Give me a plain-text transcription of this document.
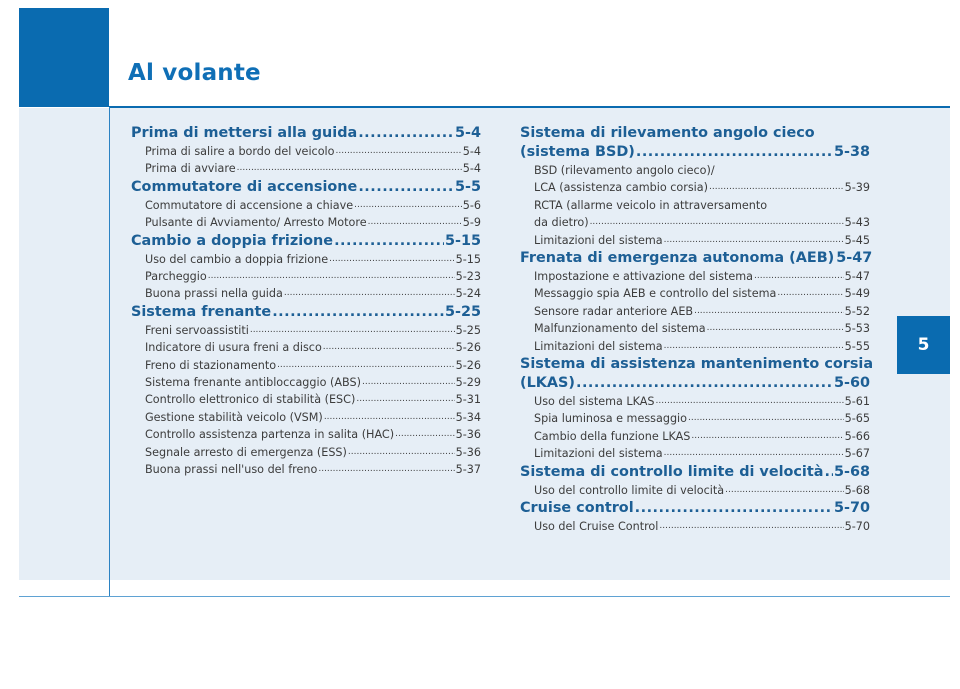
Al volante
5
Prima di mettersi alla guida .....	5-4
Prima di salire a bordo del veicolo .....	5-4
Prima di avviare .....	5-4
Commutatore di accensione .....	5-5
Commutatore di accensione a chiave .....	5-6
Pulsante di Avviamento/ Arresto Motore .....	5-9
Cambio a doppia frizione .....	5-15
Uso del cambio a doppia frizione .....	5-15
Parcheggio .....	5-23
Buona prassi nella guida .....	5-24
Sistema frenante .....	5-25
Freni servoassistiti .....	5-25
Indicatore di usura freni a disco .....	5-26
Freno di stazionamento .....	5-26
Sistema frenante antibloccaggio (ABS) .....	5-29
Controllo elettronico di stabilità (ESC) .....	5-31
Gestione stabilità veicolo (VSM) .....	5-34
Controllo assistenza partenza in salita (HAC) .....	5-36
Segnale arresto di emergenza (ESS) .....	5-36
Buona prassi nell'uso del freno .....	5-37
Sistema di rilevamento angolo cieco
(sistema BSD) .....	5-38
BSD (rilevamento angolo cieco)/
LCA (assistenza cambio corsia) .....	5-39
RCTA (allarme veicolo in attraversamento
da dietro) .....	5-43
Limitazioni del sistema .....	5-45
Frenata di emergenza autonoma (AEB) 5-47
Impostazione e attivazione del sistema .....	5-47
Messaggio spia AEB e controllo del sistema .....	5-49
Sensore radar anteriore AEB .....	5-52
Malfunzionamento del sistema .....	5-53
Limitazioni del sistema .....	5-55
Sistema di assistenza mantenimento corsia
(LKAS) .....	5-60
Uso del sistema LKAS .....	5-61
Spia luminosa e messaggio .....	5-65
Cambio della funzione LKAS .....	5-66
Limitazioni del sistema .....	5-67
Sistema di controllo limite di velocità ..... 5-68
Uso del controllo limite di velocità .....	5-68
Cruise control .....	5-70
Uso del Cruise Control .....	5-70
